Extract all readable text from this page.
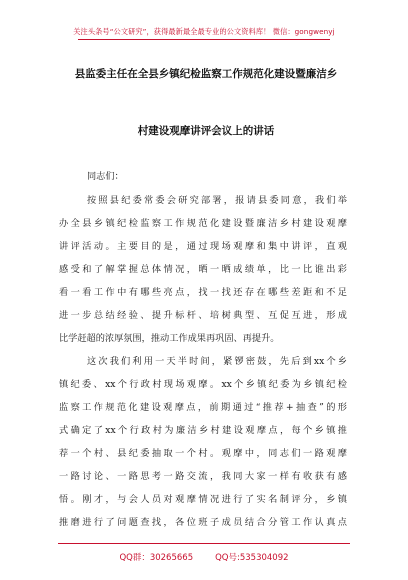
关注头条号“公文研究”，获得最新最全最专业的公文资料库！ 微信：gongwenyj
县监委主任在全县乡镇纪检监察工作规范化建设暨廉洁乡
村建设观摩讲评会议上的讲话
同志们：
按照县纪委常委会研究部署，报请县委同意，我们举
办全县乡镇纪检监察工作规范化建设暨廉洁乡村建设观摩
讲评活动。主要目的是，通过现场观摩和集中讲评，直观
感受和了解掌握总体情况，晒一晒成绩单，比一比谁出彩
看一看工作中有哪些亮点，找一找还存在哪些差距和不足
进一步总结经验、提升标杆、培树典型、互促互进，形成
比学赶超的浓厚氛围，推动工作成果再巩固、再提升。
这次我们利用一天半时间，紧锣密鼓，先后到xx个乡
镇纪委、xx个行政村现场观摩。xx个乡镇纪委为乡镇纪检
监察工作规范化建设观摩点，前期通过“推荐+抽查”的形
式确定了xx个行政村为廉洁乡村建设观摩点，每个乡镇推
荐一个村、县纪委抽取一个村。观摩中，同志们一路观摩
一路讨论、一路思考一路交流，我同大家一样有收获有感
悟。刚才，与会人员对观摩情况进行了实名制评分，乡镇
推磨进行了问题查找，各位班子成员结合分管工作认真点
QQ群：30265665	QQ号:535304092
